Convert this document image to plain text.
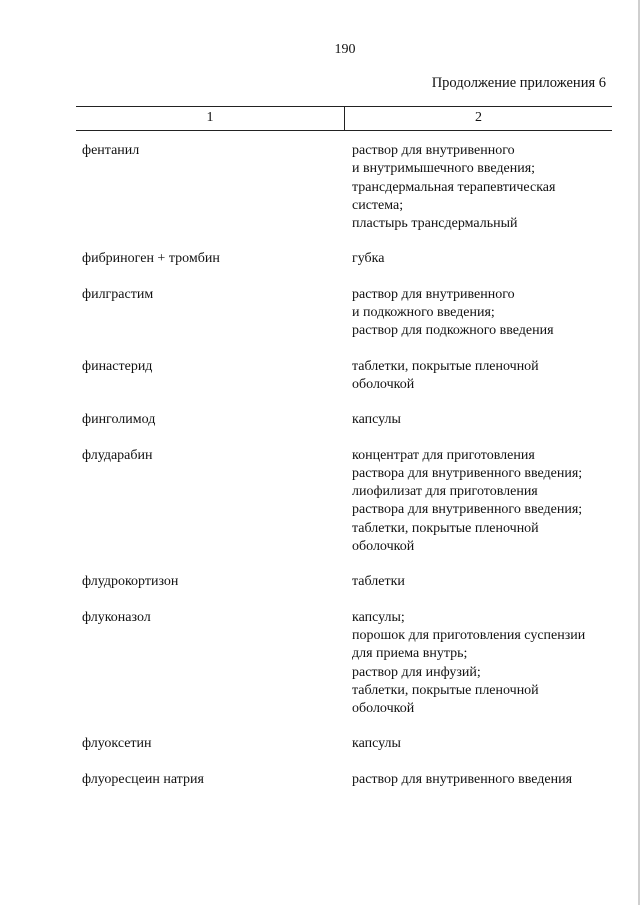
190
Продолжение приложения 6
1	2
фентанил	раствор для внутривенного
и внутримышечного введения;
трансдермальная терапевтическая
система;
пластырь трансдермальный
фибриноген + тромбин	губка
филграстим	раствор для внутривенного
и подкожного введения;
раствор для подкожного введения
финастерид	таблетки, покрытые пленочной
оболочкой
финголимод	капсулы
флударабин	концентрат для приготовления
раствора для внутривенного введения;
лиофилизат для приготовления
раствора для внутривенного введения;
таблетки, покрытые пленочной
оболочкой
флудрокортизон	таблетки
флуконазол	капсулы;
порошок для приготовления суспензии
для приема внутрь;
раствор для инфузий;
таблетки, покрытые пленочной
оболочкой
флуоксетин	капсулы
флуоресцеин натрия	раствор для внутривенного введения
